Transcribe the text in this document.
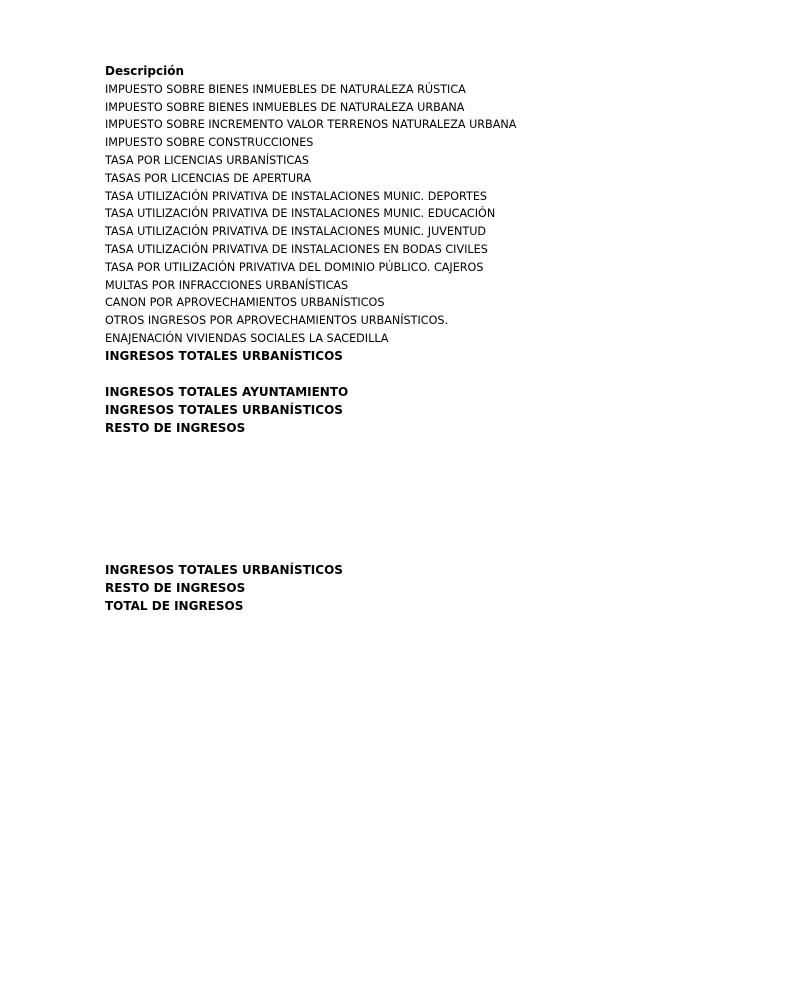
Descripción
IMPUESTO SOBRE BIENES INMUEBLES DE NATURALEZA RÚSTICA
IMPUESTO SOBRE BIENES INMUEBLES DE NATURALEZA URBANA
IMPUESTO SOBRE INCREMENTO VALOR TERRENOS NATURALEZA URBANA
IMPUESTO SOBRE CONSTRUCCIONES
TASA POR LICENCIAS URBANÍSTICAS
TASAS POR LICENCIAS DE APERTURA
TASA UTILIZACIÓN PRIVATIVA DE INSTALACIONES MUNIC. DEPORTES
TASA UTILIZACIÓN PRIVATIVA DE INSTALACIONES MUNIC. EDUCACIÓN
TASA UTILIZACIÓN PRIVATIVA DE INSTALACIONES MUNIC. JUVENTUD
TASA UTILIZACIÓN PRIVATIVA DE INSTALACIONES EN BODAS CIVILES
TASA POR UTILIZACIÓN PRIVATIVA DEL DOMINIO PÚBLICO. CAJEROS
MULTAS POR INFRACCIONES URBANÍSTICAS
CANON POR APROVECHAMIENTOS URBANÍSTICOS
OTROS INGRESOS POR APROVECHAMIENTOS URBANÍSTICOS.
ENAJENACIÓN VIVIENDAS SOCIALES LA SACEDILLA
INGRESOS TOTALES URBANÍSTICOS
INGRESOS TOTALES AYUNTAMIENTO
INGRESOS TOTALES URBANÍSTICOS
RESTO DE INGRESOS
INGRESOS TOTALES URBANÍSTICOS
RESTO DE INGRESOS
TOTAL DE INGRESOS
